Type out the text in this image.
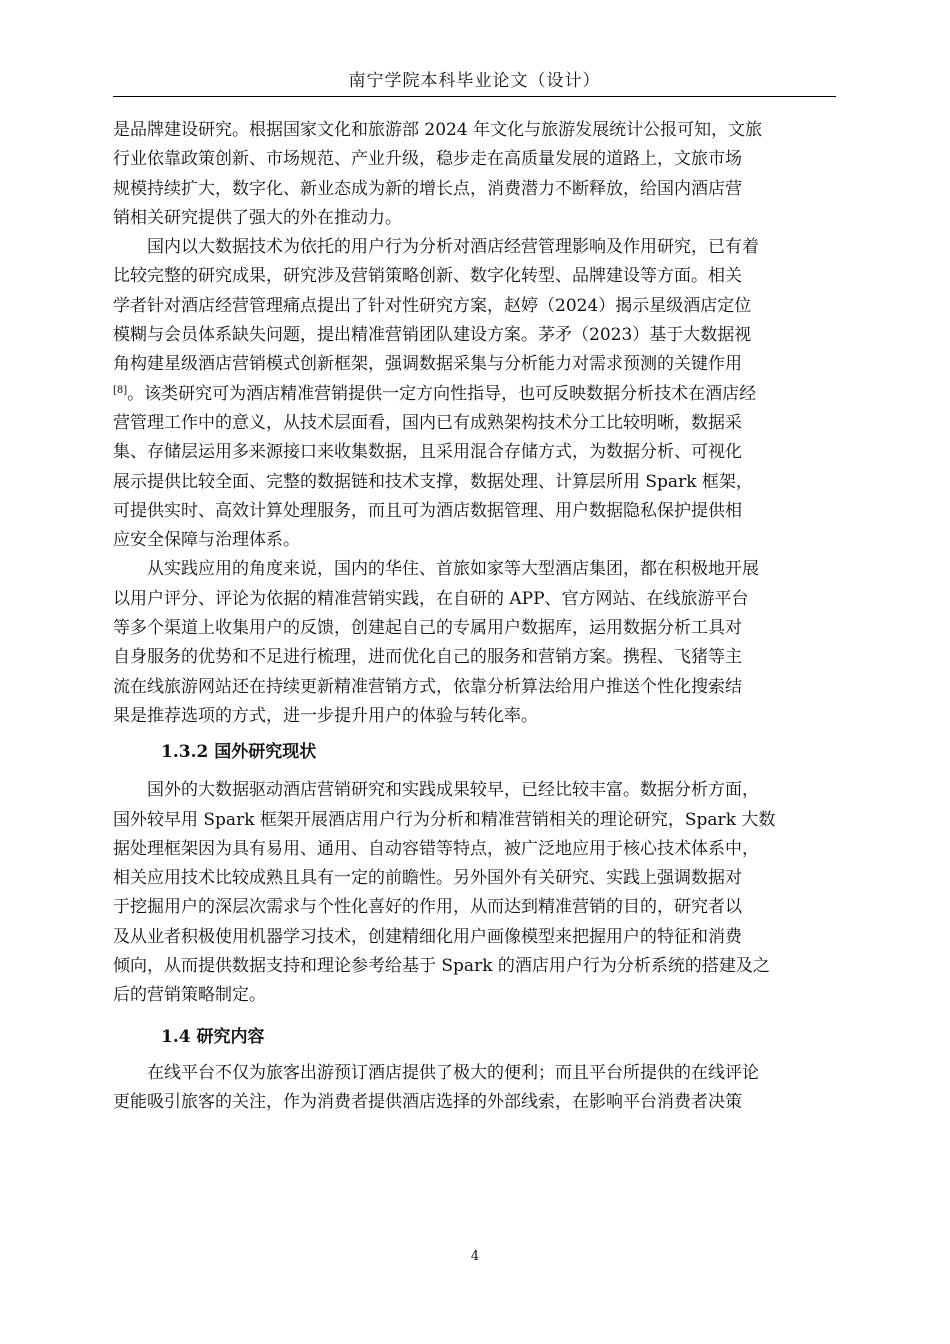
南宁学院本科毕业论文（设计）

是品牌建设研究。根据国家文化和旅游部 2024 年文化与旅游发展统计公报可知，文旅
行业依靠政策创新、市场规范、产业升级，稳步走在高质量发展的道路上，文旅市场
规模持续扩大，数字化、新业态成为新的增长点，消费潜力不断释放，给国内酒店营
销相关研究提供了强大的外在推动力。

　　国内以大数据技术为依托的用户行为分析对酒店经营管理影响及作用研究，已有着
比较完整的研究成果，研究涉及营销策略创新、数字化转型、品牌建设等方面。相关
学者针对酒店经营管理痛点提出了针对性研究方案，赵婷（2024）揭示星级酒店定位
模糊与会员体系缺失问题，提出精准营销团队建设方案。茅矛（2023）基于大数据视
角构建星级酒店营销模式创新框架，强调数据采集与分析能力对需求预测的关键作用
[8]。该类研究可为酒店精准营销提供一定方向性指导，也可反映数据分析技术在酒店经
营管理工作中的意义，从技术层面看，国内已有成熟架构技术分工比较明晰，数据采
集、存储层运用多来源接口来收集数据，且采用混合存储方式，为数据分析、可视化
展示提供比较全面、完整的数据链和技术支撑，数据处理、计算层所用 Spark 框架，
可提供实时、高效计算处理服务，而且可为酒店数据管理、用户数据隐私保护提供相
应安全保障与治理体系。

　　从实践应用的角度来说，国内的华住、首旅如家等大型酒店集团，都在积极地开展
以用户评分、评论为依据的精准营销实践，在自研的 APP、官方网站、在线旅游平台
等多个渠道上收集用户的反馈，创建起自己的专属用户数据库，运用数据分析工具对
自身服务的优势和不足进行梳理，进而优化自己的服务和营销方案。携程、飞猪等主
流在线旅游网站还在持续更新精准营销方式，依靠分析算法给用户推送个性化搜索结
果是推荐选项的方式，进一步提升用户的体验与转化率。

1.3.2 国外研究现状

　　国外的大数据驱动酒店营销研究和实践成果较早，已经比较丰富。数据分析方面，
国外较早用 Spark 框架开展酒店用户行为分析和精准营销相关的理论研究，Spark 大数
据处理框架因为具有易用、通用、自动容错等特点，被广泛地应用于核心技术体系中，
相关应用技术比较成熟且具有一定的前瞻性。另外国外有关研究、实践上强调数据对
于挖掘用户的深层次需求与个性化喜好的作用，从而达到精准营销的目的，研究者以
及从业者积极使用机器学习技术，创建精细化用户画像模型来把握用户的特征和消费
倾向，从而提供数据支持和理论参考给基于 Spark 的酒店用户行为分析系统的搭建及之
后的营销策略制定。

1.4 研究内容

　　在线平台不仅为旅客出游预订酒店提供了极大的便利；而且平台所提供的在线评论
更能吸引旅客的关注，作为消费者提供酒店选择的外部线索，在影响平台消费者决策

4
